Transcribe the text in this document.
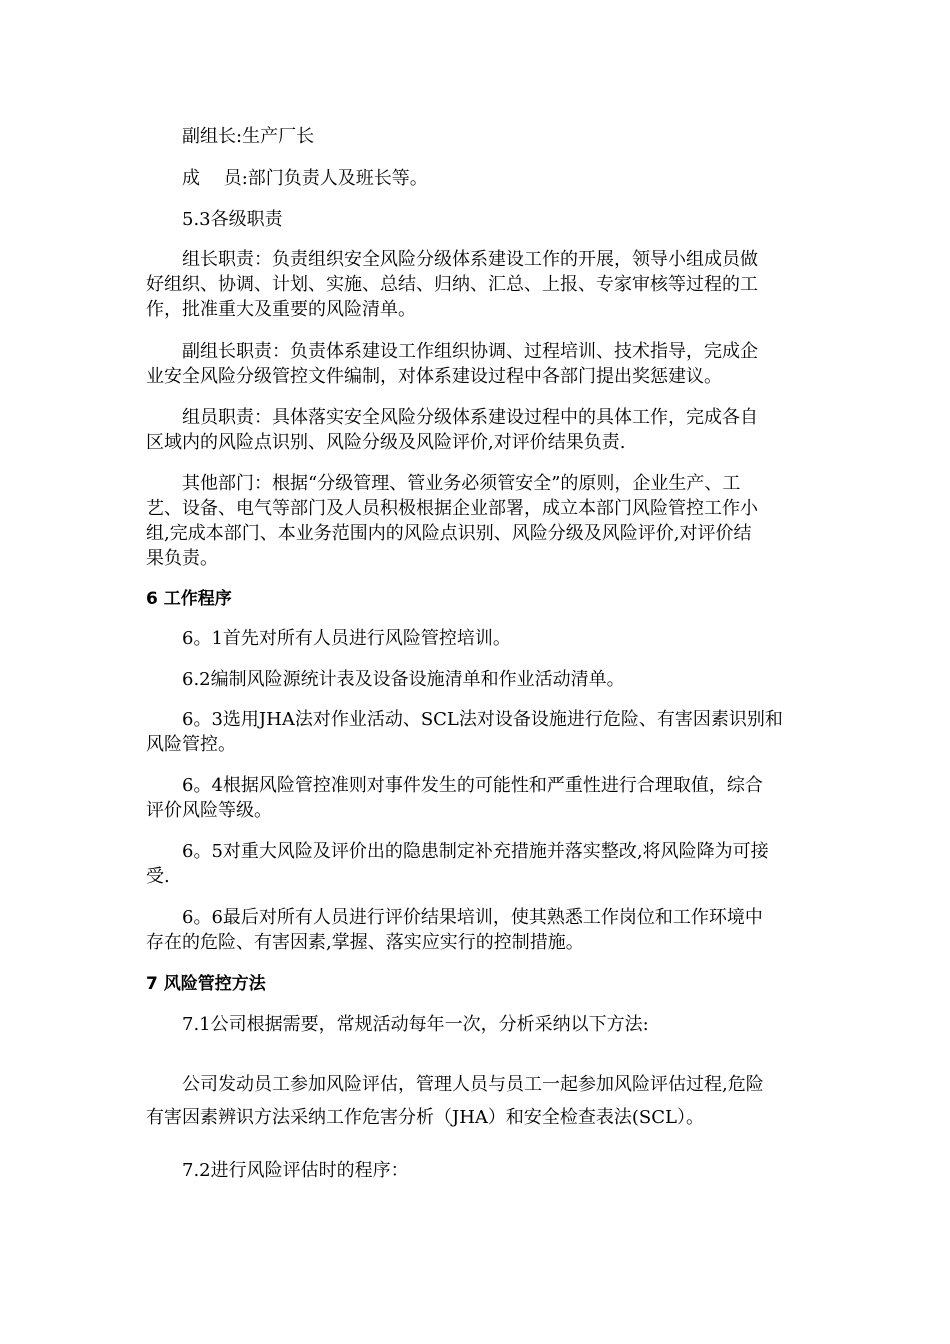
副组长:生产厂长
成　 员:部门负责人及班长等。
5.3各级职责
组长职责：负责组织安全风险分级体系建设工作的开展，领导小组成员做
好组织、协调、计划、实施、总结、归纳、汇总、上报、专家审核等过程的工
作，批准重大及重要的风险清单。
副组长职责：负责体系建设工作组织协调、过程培训、技术指导，完成企
业安全风险分级管控文件编制，对体系建设过程中各部门提出奖惩建议。
组员职责：具体落实安全风险分级体系建设过程中的具体工作，完成各自
区域内的风险点识别、风险分级及风险评价,对评价结果负责.
其他部门：根据“分级管理、管业务必须管安全”的原则，企业生产、工
艺、设备、电气等部门及人员积极根据企业部署，成立本部门风险管控工作小
组,完成本部门、本业务范围内的风险点识别、风险分级及风险评价,对评价结
果负责。
6 工作程序
6。1首先对所有人员进行风险管控培训。
6.2编制风险源统计表及设备设施清单和作业活动清单。
6。3选用JHA法对作业活动、SCL法对设备设施进行危险、有害因素识别和
风险管控。
6。4根据风险管控准则对事件发生的可能性和严重性进行合理取值，综合
评价风险等级。
6。5对重大风险及评价出的隐患制定补充措施并落实整改,将风险降为可接
受.
6。6最后对所有人员进行评价结果培训，使其熟悉工作岗位和工作环境中
存在的危险、有害因素,掌握、落实应实行的控制措施。
7 风险管控方法
7.1公司根据需要，常规活动每年一次，分析采纳以下方法:
公司发动员工参加风险评估，管理人员与员工一起参加风险评估过程,危险
有害因素辨识方法采纳工作危害分析（JHA）和安全检查表法(SCL）。
7.2进行风险评估时的程序：
